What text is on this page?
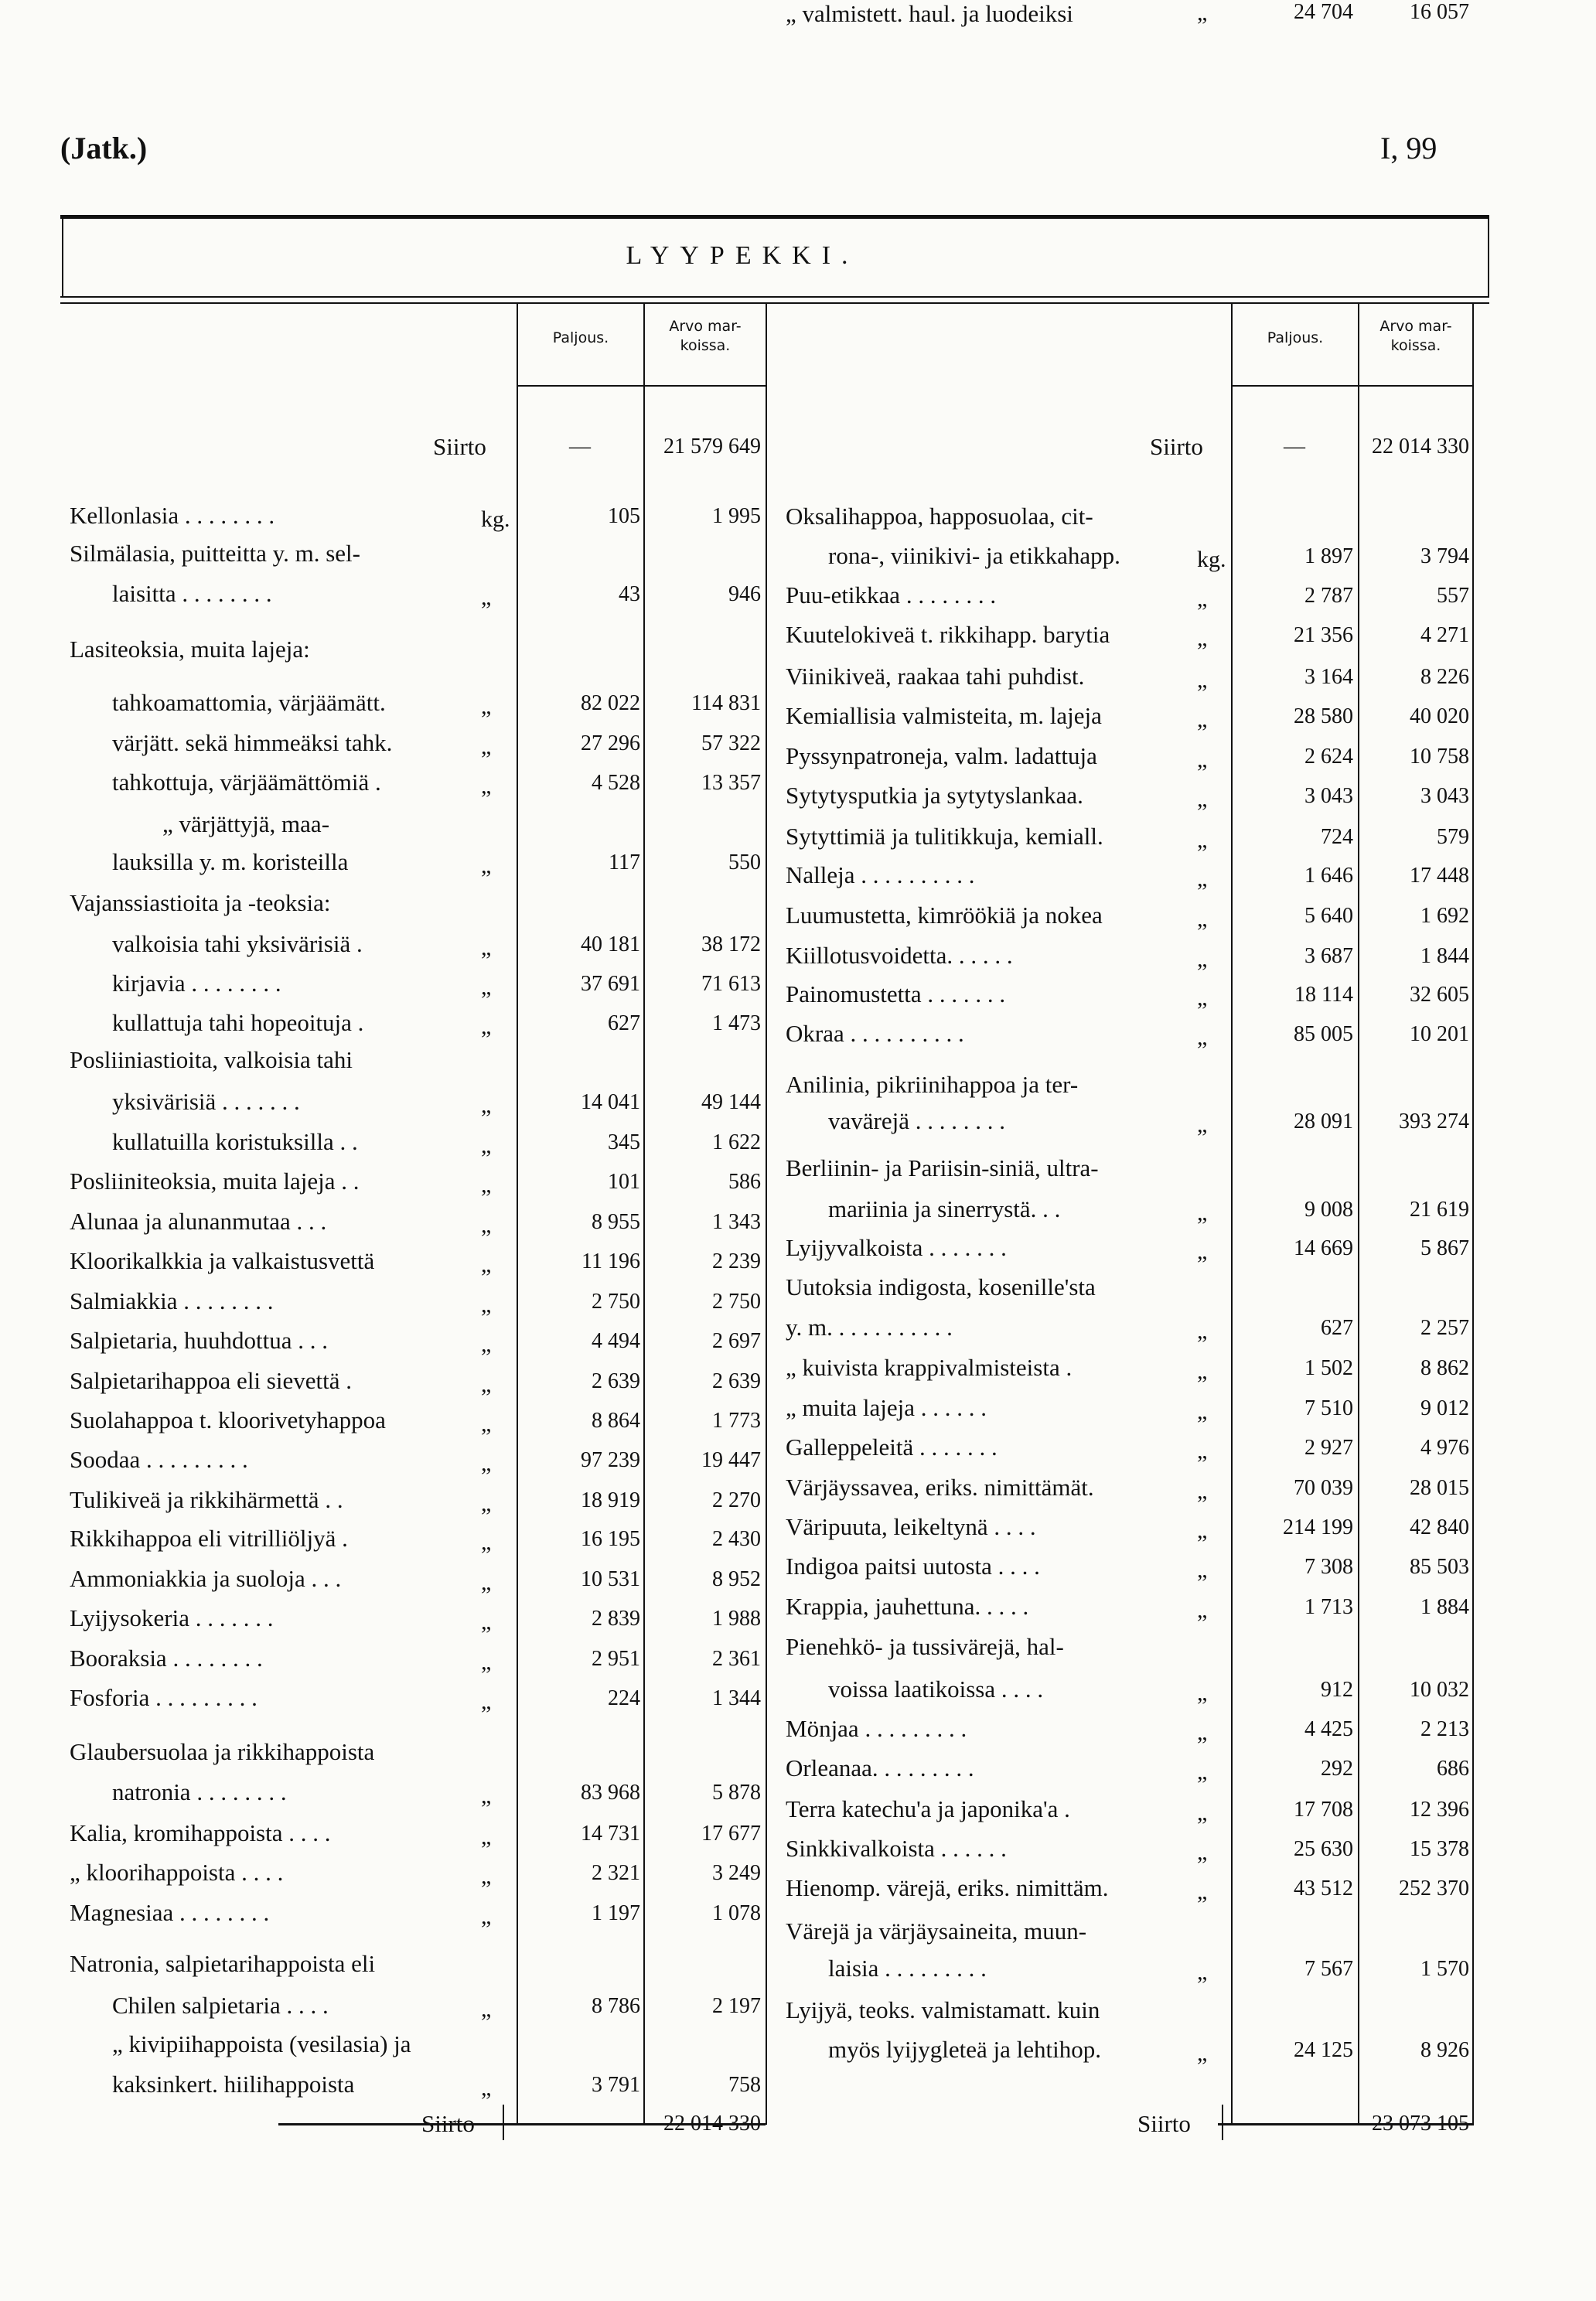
(Jatk.)	I, 99
LYYPEKKI.
Paljous.
Arvo mar-
koissa.	Paljous.
Arvo mar-
koissa.
Siirto	—	21 579 649	Siirto	—	22 014 330
Kellonlasia . . . . . . . .	kg.	105	1 995
Silmälasia, puitteitta y. m. sel-
laisitta . . . . . . . .	„	43	946
Lasiteoksia, muita lajeja:
tahkoamattomia, värjäämätt.	„	82 022	114 831
värjätt. sekä himmeäksi tahk.	„	27 296	57 322
tahkottuja, värjäämättömiä .	„	4 528	13 357
„ värjättyjä, maa-
lauksilla y. m. koristeilla	„	117	550
Vajanssiastioita ja -teoksia:
valkoisia tahi yksivärisiä .	„	40 181	38 172
kirjavia . . . . . . . .	„	37 691	71 613
kullattuja tahi hopeoituja .	„	627	1 473
Posliiniastioita, valkoisia tahi
yksivärisiä . . . . . . .	„	14 041	49 144
kullatuilla koristuksilla . .	„	345	1 622
Posliiniteoksia, muita lajeja . .	„	101	586
Alunaa ja alunanmutaa . . .	„	8 955	1 343
Kloorikalkkia ja valkaistusvettä	„	11 196	2 239
Salmiakkia . . . . . . . .	„	2 750	2 750
Salpietaria, huuhdottua . . .	„	4 494	2 697
Salpietarihappoa eli sievettä .	„	2 639	2 639
Suolahappoa t. kloorivetyhappoa	„	8 864	1 773
Soodaa . . . . . . . . .	„	97 239	19 447
Tulikiveä ja rikkihärmettä . .	„	18 919	2 270
Rikkihappoa eli vitrilliöljyä .	„	16 195	2 430
Ammoniakkia ja suoloja . . .	„	10 531	8 952
Lyijysokeria . . . . . . .	„	2 839	1 988
Booraksia . . . . . . . .	„	2 951	2 361
Fosforia . . . . . . . . .	„	224	1 344
Glaubersuolaa ja rikkihappoista
natronia . . . . . . . .	„	83 968	5 878
Kalia, kromihappoista . . . .	„	14 731	17 677
„ kloorihappoista . . . .	„	2 321	3 249
Magnesiaa . . . . . . . .	„	1 197	1 078
Natronia, salpietarihappoista eli
Chilen salpietaria . . . .	„	8 786	2 197
„ kivipiihappoista (vesilasia) ja
kaksinkert. hiilihappoista	„	3 791	758
Oksalihappoa, happosuolaa, cit-
rona-, viinikivi- ja etikkahapp.	kg.	1 897	3 794
Puu-etikkaa . . . . . . . .	„	2 787	557
Kuutelokiveä t. rikkihapp. barytia	„	21 356	4 271
Viinikiveä, raakaa tahi puhdist.	„	3 164	8 226
Kemiallisia valmisteita, m. lajeja	„	28 580	40 020
Pyssynpatroneja, valm. ladattuja	„	2 624	10 758
Sytytysputkia ja sytytyslankaa.	„	3 043	3 043
Sytyttimiä ja tulitikkuja, kemiall.	„	724	579
Nalleja . . . . . . . . . .	„	1 646	17 448
Luumustetta, kimröökiä ja nokea	„	5 640	1 692
Kiillotusvoidetta. . . . . .	„	3 687	1 844
Painomustetta . . . . . . .	„	18 114	32 605
Okraa . . . . . . . . . .	„	85 005	10 201
Anilinia, pikriinihappoa ja ter-
vavärejä . . . . . . . .	„	28 091	393 274
Berliinin- ja Pariisin-siniä, ultra-
mariinia ja sinerrystä. . .	„	9 008	21 619
Lyijyvalkoista . . . . . . .	„	14 669	5 867
Uutoksia indigosta, kosenille'sta
y. m. . . . . . . . . . .	„	627	2 257
„ kuivista krappivalmisteista .	„	1 502	8 862
„ muita lajeja . . . . . .	„	7 510	9 012
Galleppeleitä . . . . . . .	„	2 927	4 976
Värjäyssavea, eriks. nimittämät.	„	70 039	28 015
Väripuuta, leikeltynä . . . .	„	214 199	42 840
Indigoa paitsi uutosta . . . .	„	7 308	85 503
Krappia, jauhettuna. . . . .	„	1 713	1 884
Pienehkö- ja tussivärejä, hal-
voissa laatikoissa . . . .	„	912	10 032
Mönjaa . . . . . . . . .	„	4 425	2 213
Orleanaa. . . . . . . . .	„	292	686
Terra katechu'a ja japonika'a .	„	17 708	12 396
Sinkkivalkoista . . . . . .	„	25 630	15 378
Hienomp. värejä, eriks. nimittäm.	„	43 512	252 370
Värejä ja värjäysaineita, muun-
laisia . . . . . . . . .	„	7 567	1 570
Lyijyä, teoks. valmistamatt. kuin
myös lyijygleteä ja lehtihop.	„	24 125	8 926
„ valmistett. haul. ja luodeiksi	„	24 704	16 057
Siirto	—	22 014 330	Siirto	—	23 073 105
